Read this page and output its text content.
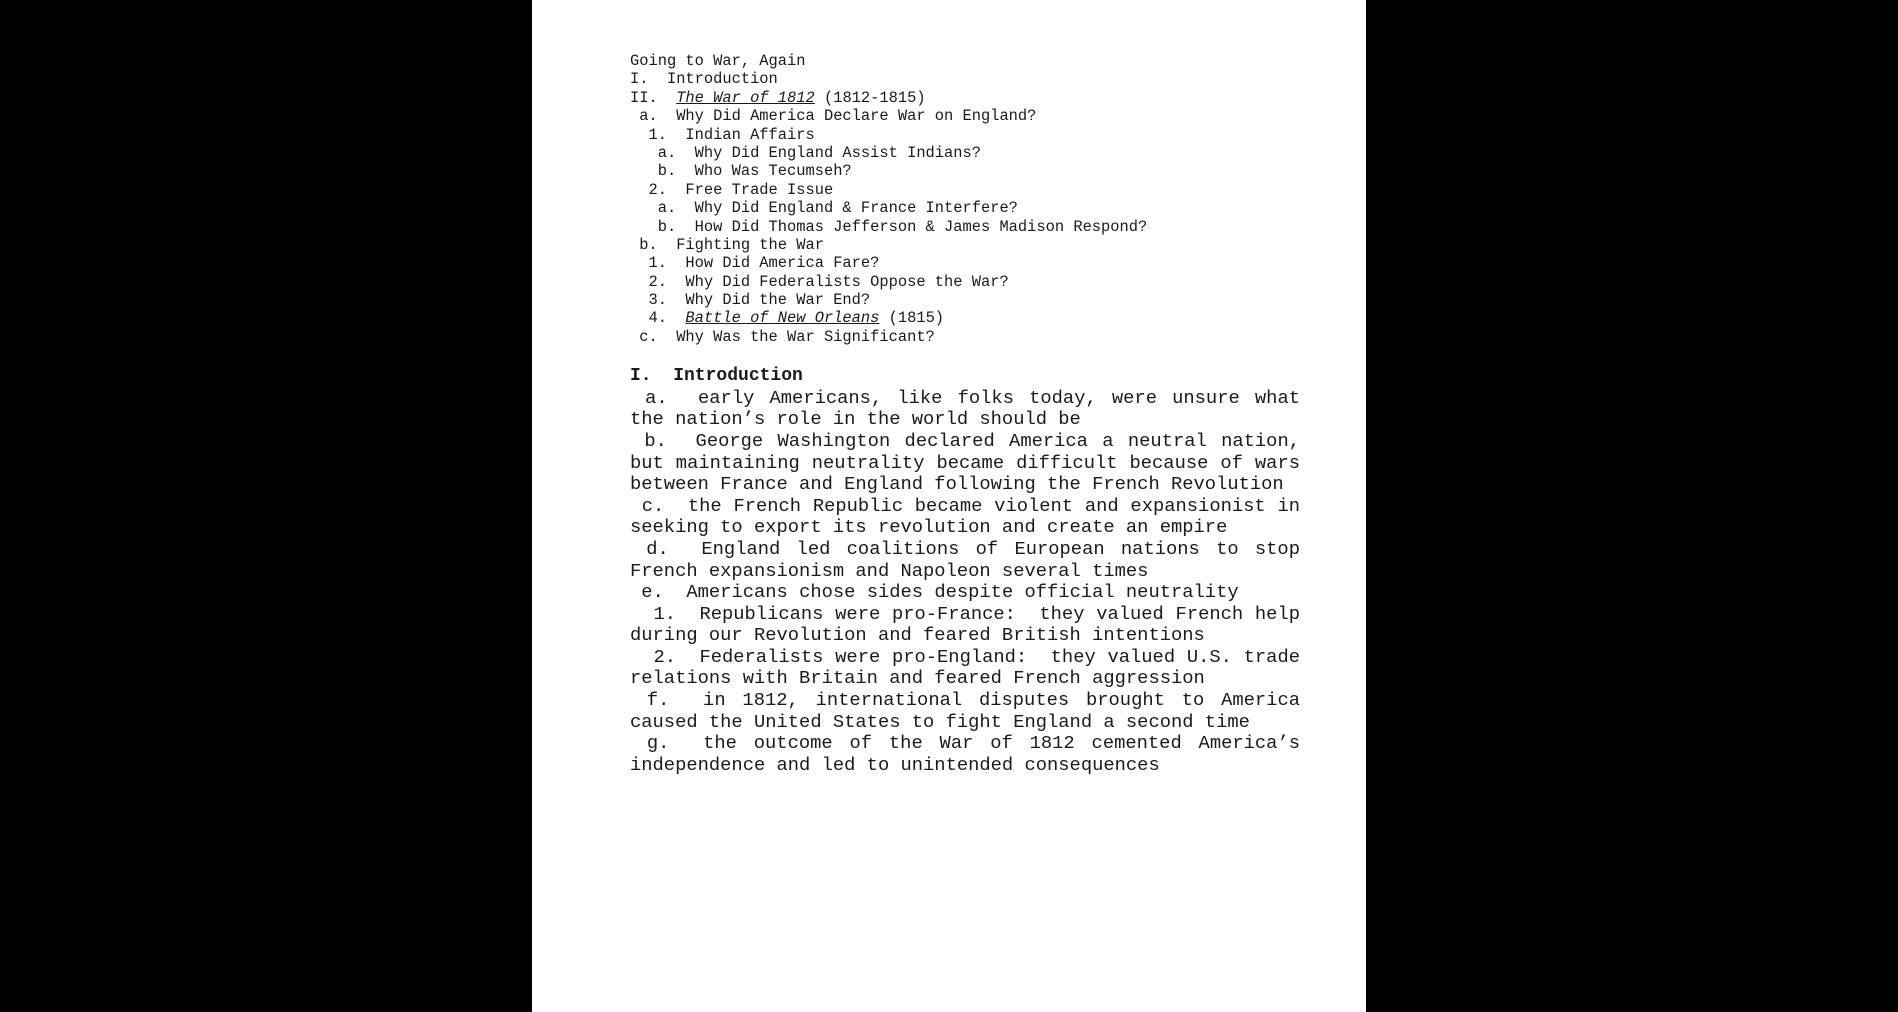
Going to War, Again
I.  Introduction
II.  The War of 1812 (1812-1815)
a.  Why Did America Declare War on England?
1.  Indian Affairs
a.  Why Did England Assist Indians?
b.  Who Was Tecumseh?
2.  Free Trade Issue
a.  Why Did England & France Interfere?
b.  How Did Thomas Jefferson & James Madison Respond?
b.  Fighting the War
1.  How Did America Fare?
2.  Why Did Federalists Oppose the War?
3.  Why Did the War End?
4.  Battle of New Orleans (1815)
c.  Why Was the War Significant?
I.  Introduction
a.  early Americans, like folks today, were unsure what the nation’s role in the world should be
b.  George Washington declared America a neutral nation, but maintaining neutrality became difficult because of wars between France and England following the French Revolution
c.  the French Republic became violent and expansionist in seeking to export its revolution and create an empire
d.  England led coalitions of European nations to stop French expansionism and Napoleon several times
e.  Americans chose sides despite official neutrality
1.  Republicans were pro-France:  they valued French help during our Revolution and feared British intentions
2.  Federalists were pro-England:  they valued U.S. trade relations with Britain and feared French aggression
f.  in 1812, international disputes brought to America caused the United States to fight England a second time
g.  the outcome of the War of 1812 cemented America’s independence and led to unintended consequences
